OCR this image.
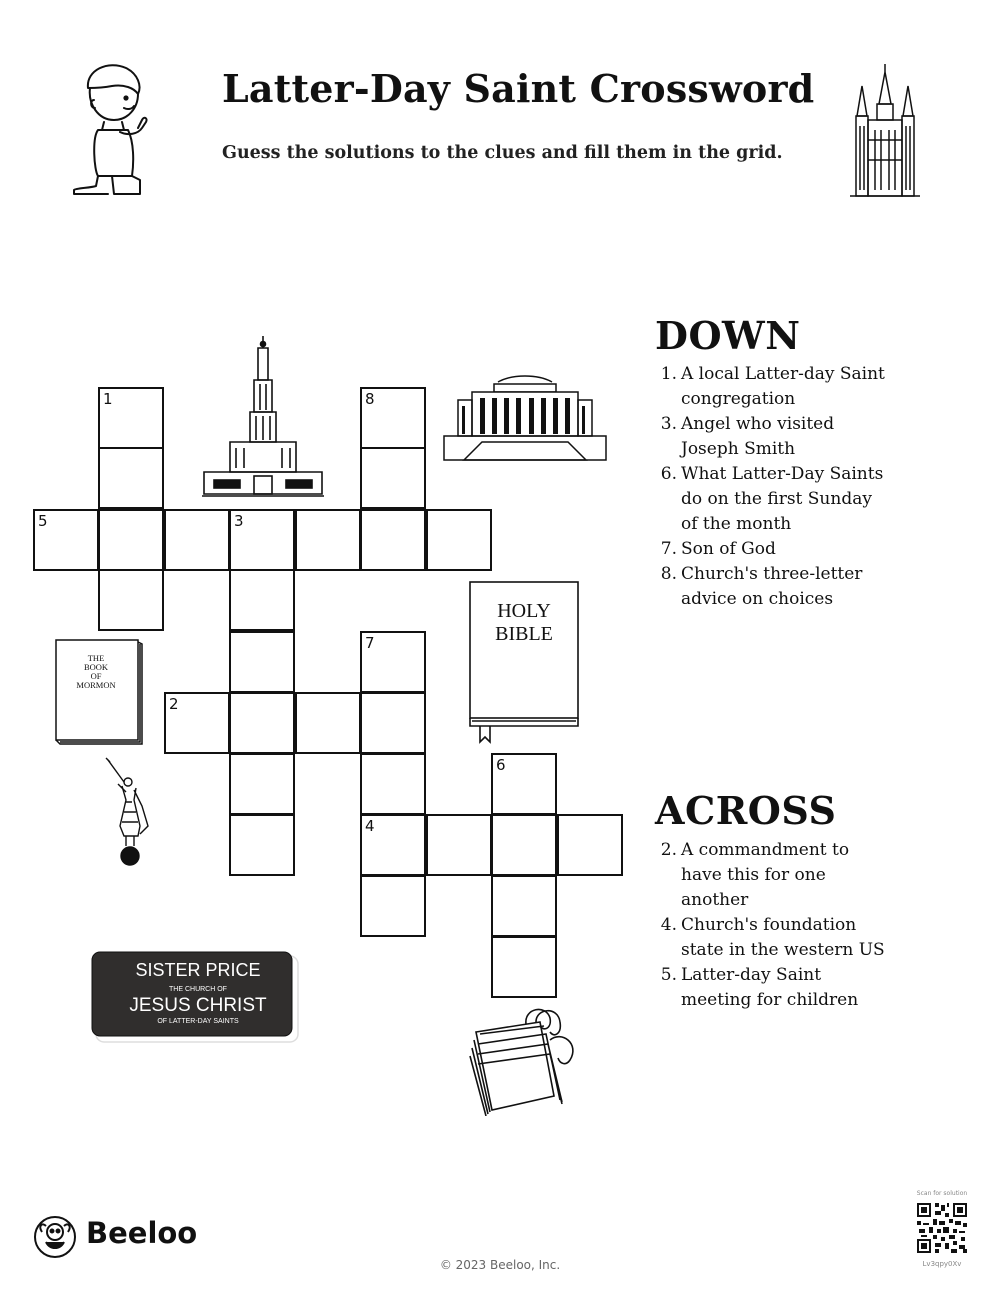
Latter-Day Saint Crossword
Guess the solutions to the clues and fill them in the grid.
HOLY
BIBLE
THE
BOOK
OF
MORMON
SISTER PRICE
THE CHURCH OF
JESUS CHRIST
OF LATTER-DAY SAINTS
1	8
5	3
7
2
6
4
DOWN
1. A local Latter-day Saint congregation
3. Angel who visited Joseph Smith
6. What Latter-Day Saints do on the first Sunday of the month
7. Son of God
8. Church's three-letter advice on choices
ACROSS
2. A commandment to have this for one another
4. Church's foundation state in the western US
5. Latter-day Saint meeting for children
Beeloo
© 2023 Beeloo, Inc.
Scan for solution
Lv3qpy0Xv
